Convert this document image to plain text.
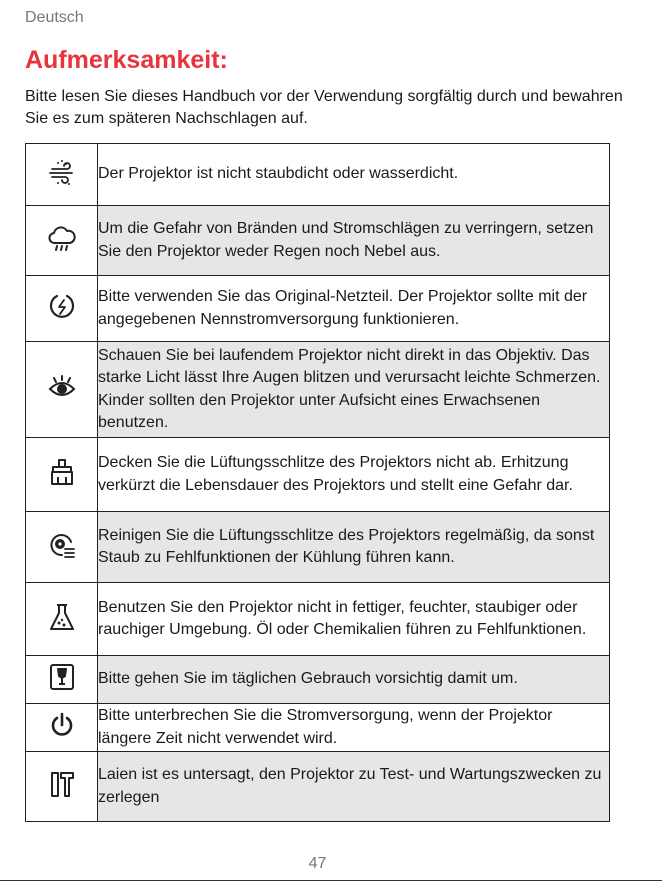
Deutsch
Aufmerksamkeit:

Bitte lesen Sie dieses Handbuch vor der Verwendung sorgfältig durch und bewahren Sie es zum späteren Nachschlagen auf.

	Der Projektor ist nicht staubdicht oder wasserdicht.

	Um die Gefahr von Bränden und Stromschlägen zu verringern, setzen Sie den Projektor weder Regen noch Nebel aus.

	Bitte verwenden Sie das Original-Netzteil. Der Projektor sollte mit der angegebenen Nennstromversorgung funktionieren.

	Schauen Sie bei laufendem Projektor nicht direkt in das Objektiv. Das starke Licht lässt Ihre Augen blitzen und verursacht leichte Schmerzen. Kinder sollten den Projektor unter Aufsicht eines Erwachsenen benutzen.

	Decken Sie die Lüftungsschlitze des Projektors nicht ab. Erhitzung verkürzt die Lebensdauer des Projektors und stellt eine Gefahr dar.

	Reinigen Sie die Lüftungsschlitze des Projektors regelmäßig, da sonst Staub zu Fehlfunktionen der Kühlung führen kann.

	Benutzen Sie den Projektor nicht in fettiger, feuchter, staubiger oder rauchiger Umgebung. Öl oder Chemikalien führen zu Fehlfunktionen.

	Bitte gehen Sie im täglichen Gebrauch vorsichtig damit um.

	Bitte unterbrechen Sie die Stromversorgung, wenn der Projektor längere Zeit nicht verwendet wird.

	Laien ist es untersagt, den Projektor zu Test- und Wartungszwecken zu zerlegen
47
